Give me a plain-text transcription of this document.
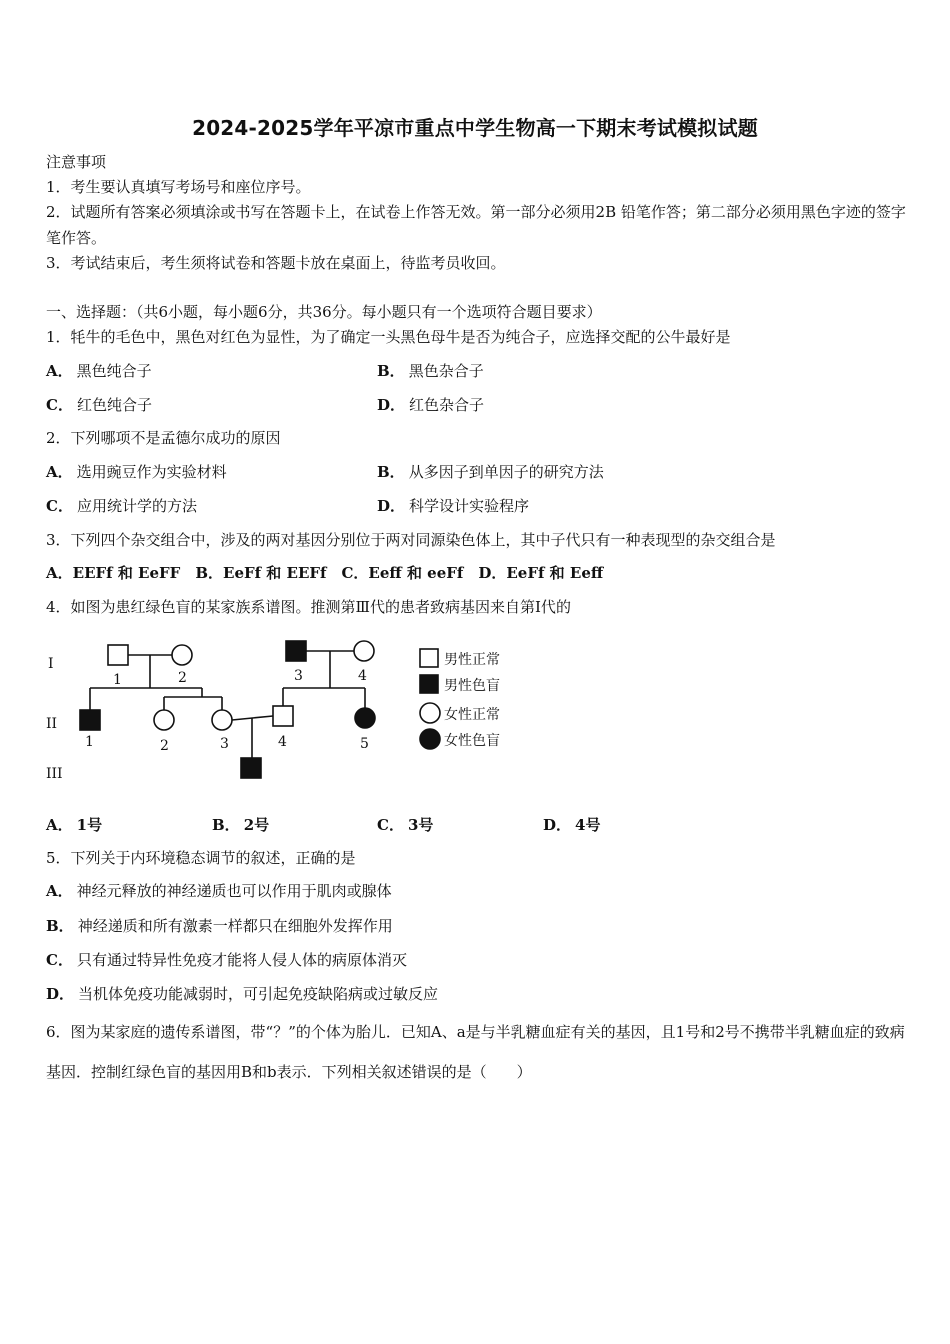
2024-2025学年平凉市重点中学生物高一下期末考试模拟试题
注意事项
1．考生要认真填写考场号和座位序号。
2．试题所有答案必须填涂或书写在答题卡上，在试卷上作答无效。第一部分必须用2B 铅笔作答；第二部分必须用黑色字迹的签字笔作答。
3．考试结束后，考生须将试卷和答题卡放在桌面上，待监考员收回。
一、选择题：（共6小题，每小题6分，共36分。每小题只有一个选项符合题目要求）
1．牦牛的毛色中，黑色对红色为显性，为了确定一头黑色母牛是否为纯合子，应选择交配的公牛最好是
A． 黑色纯合子	B． 黑色杂合子
C． 红色纯合子	D． 红色杂合子
2．下列哪项不是孟德尔成功的原因
A． 选用豌豆作为实验材料	B． 从多因子到单因子的研究方法
C． 应用统计学的方法	D． 科学设计实验程序
3．下列四个杂交组合中，涉及的两对基因分别位于两对同源染色体上，其中子代只有一种表现型的杂交组合是
A．EEFf 和 EeFF　B．EeFf 和 EEFf　C．Eeff 和 eeFf　D．EeFf 和 Eeff
4．如图为患红绿色盲的某家族系谱图。推测第Ⅲ代的患者致病基因来自第Ⅰ代的
I
II
III
1	2	3	4
1	2	3	4	5
男性正常
男性色盲
女性正常
女性色盲
A． 1号	B． 2号	C． 3号	D． 4号
5．下列关于内环境稳态调节的叙述，正确的是
A． 神经元释放的神经递质也可以作用于肌肉或腺体
B． 神经递质和所有激素一样都只在细胞外发挥作用
C． 只有通过特异性免疫才能将人侵人体的病原体消灭
D． 当机体免疫功能减弱时，可引起免疫缺陷病或过敏反应
6．图为某家庭的遗传系谱图，带“？”的个体为胎儿．已知A、a是与半乳糖血症有关的基因，且1号和2号不携带半乳糖血症的致病基因．控制红绿色盲的基因用B和b表示．下列相关叙述错误的是（　　）
